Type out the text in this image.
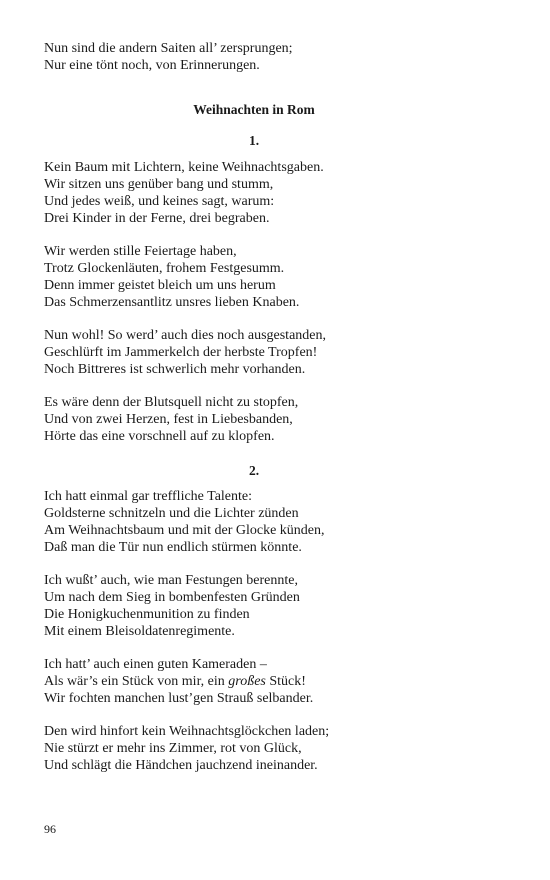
Nun sind die andern Saiten all’ zersprungen;
Nur eine tönt noch, von Erinnerungen.
Weihnachten in Rom
1.
Kein Baum mit Lichtern, keine Weihnachtsgaben.
Wir sitzen uns genüber bang und stumm,
Und jedes weiß, und keines sagt, warum:
Drei Kinder in der Ferne, drei begraben.
Wir werden stille Feiertage haben,
Trotz Glockenläuten, frohem Festgesumm.
Denn immer geistet bleich um uns herum
Das Schmerzensantlitz unsres lieben Knaben.
Nun wohl! So werd’ auch dies noch ausgestanden,
Geschlürft im Jammerkelch der herbste Tropfen!
Noch Bittreres ist schwerlich mehr vorhanden.
Es wäre denn der Blutsquell nicht zu stopfen,
Und von zwei Herzen, fest in Liebesbanden,
Hörte das eine vorschnell auf zu klopfen.
2.
Ich hatt einmal gar treffliche Talente:
Goldsterne schnitzeln und die Lichter zünden
Am Weihnachtsbaum und mit der Glocke künden,
Daß man die Tür nun endlich stürmen könnte.
Ich wußt’ auch, wie man Festungen berennte,
Um nach dem Sieg in bombenfesten Gründen
Die Honigkuchenmunition zu finden
Mit einem Bleisoldatenregimente.
Ich hatt’ auch einen guten Kameraden –
Als wär’s ein Stück von mir, ein großes Stück!
Wir fochten manchen lust’gen Strauß selbander.
Den wird hinfort kein Weihnachtsglöckchen laden;
Nie stürzt er mehr ins Zimmer, rot von Glück,
Und schlägt die Händchen jauchzend ineinander.
96
